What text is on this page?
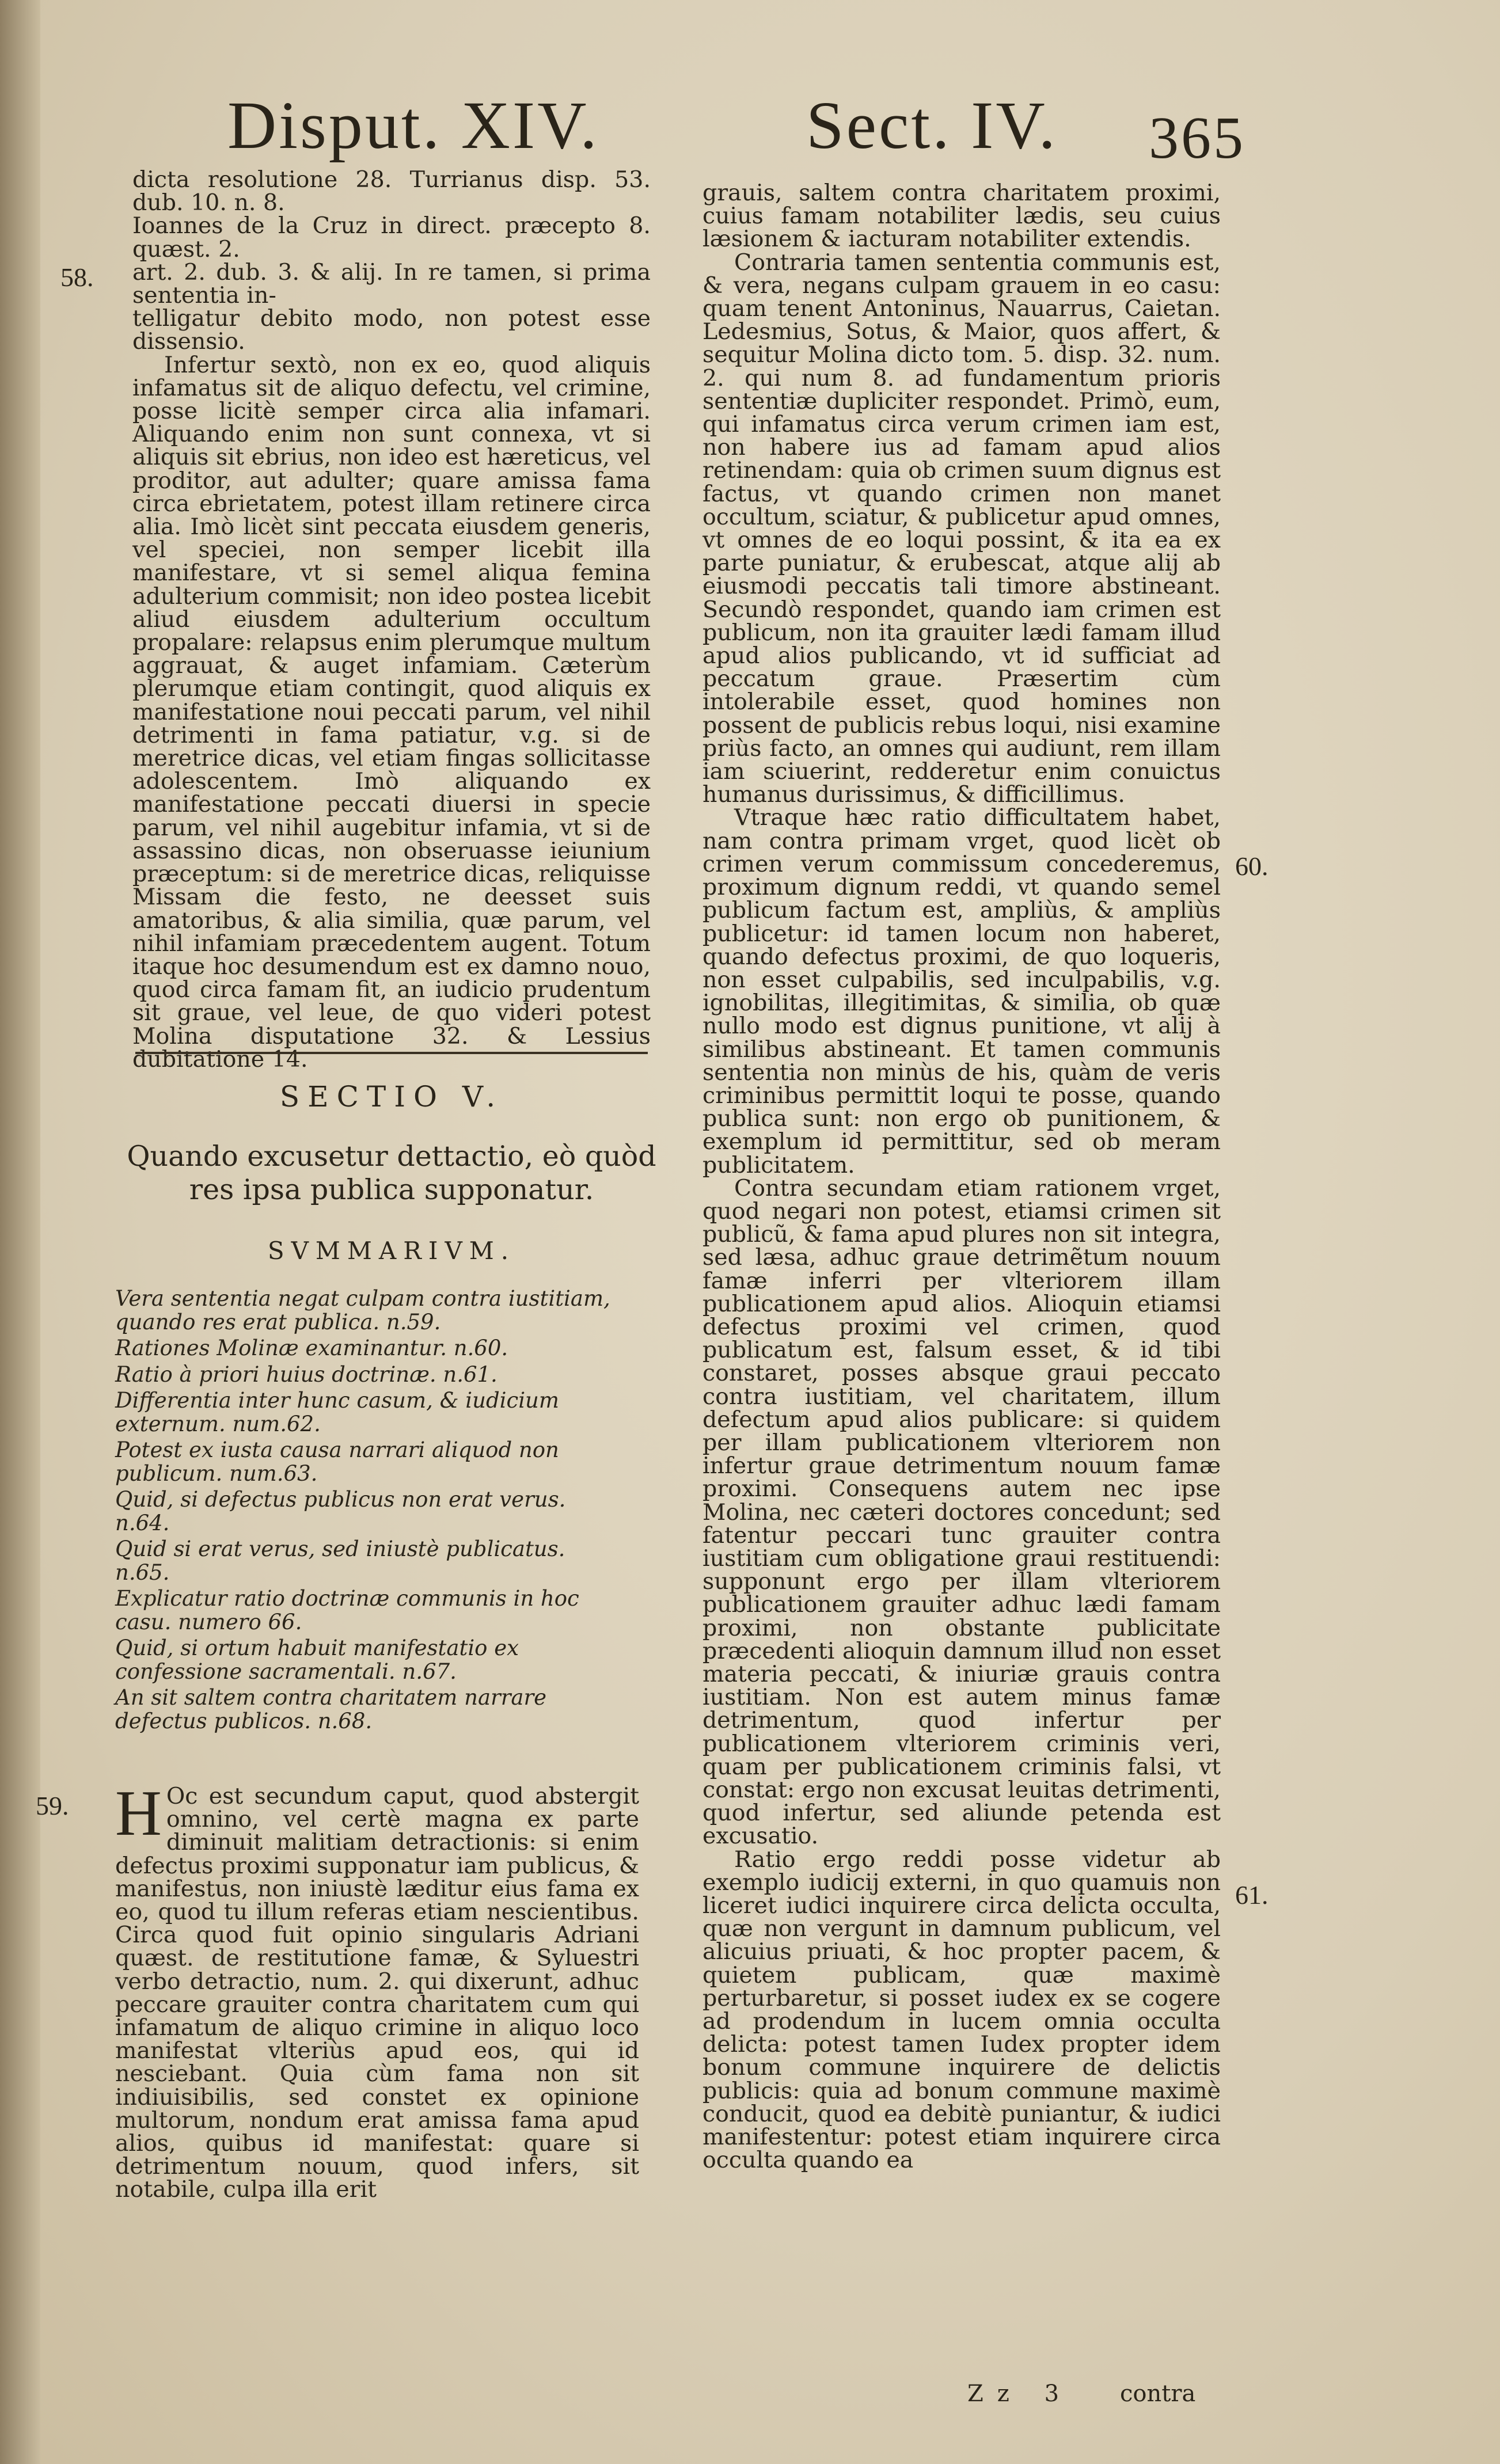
Disput. XIV.	Sect. IV. 365

dicta resolutione 28. Turrianus disp. 53. dub. 10. n. 8.

Ioannes de la Cruz in direct. præcepto 8. quæst. 2.

art. 2. dub. 3. & alij. In re tamen, si prima sententia in-

telligatur debito modo, non potest esse dissensio.

Infertur sextò, non ex eo, quod aliquis infamatus sit de aliquo defectu, vel crimine, posse licitè semper circa alia infamari. Aliquando enim non sunt connexa, vt si aliquis sit ebrius, non ideo est hæreticus, vel proditor, aut adulter; quare amissa fama circa ebrietatem, potest illam retinere circa alia. Imò licèt sint peccata eiusdem generis, vel speciei, non semper licebit illa manifestare, vt si semel aliqua femina adulterium commisit; non ideo postea licebit aliud eiusdem adulterium occultum propalare: relapsus enim plerumque multum aggrauat, & auget infamiam. Cæterùm plerumque etiam contingit, quod aliquis ex manifestatione noui peccati parum, vel nihil detrimenti in fama patiatur, v.g. si de meretrice dicas, vel etiam fingas sollicitasse adolescentem. Imò aliquando ex manifestatione peccati diuersi in specie parum, vel nihil augebitur infamia, vt si de assassino dicas, non obseruasse ieiunium præceptum: si de meretrice dicas, reliquisse Missam die festo, ne deesset suis amatoribus, & alia similia, quæ parum, vel nihil infamiam præcedentem augent. Totum itaque hoc desumendum est ex damno nouo, quod circa famam fit, an iudicio prudentum sit graue, vel leue, de quo videri potest Molina disputatione 32. & Lessius dubitatione 14.

58.
SECTIO V.
Quando excusetur dettactio, eò quòd res ipsa publica supponatur.
SVMMARIVM.
Vera sententia negat culpam contra iustitiam, quando res erat publica. n.59.
Rationes Molinæ examinantur. n.60.
Ratio à priori huius doctrinæ. n.61.
Differentia inter hunc casum, & iudicium externum. num.62.
Potest ex iusta causa narrari aliquod non publicum. num.63.
Quid, si defectus publicus non erat verus. n.64.
Quid si erat verus, sed iniustè publicatus. n.65.
Explicatur ratio doctrinæ communis in hoc casu. numero 66.
Quid, si ortum habuit manifestatio ex confessione sacramentali. n.67.
An sit saltem contra charitatem narrare defectus publicos. n.68.
59. H Oc est secundum caput, quod abstergit omnino, vel certè magna ex parte diminuit malitiam detractionis: si enim defectus proximi supponatur iam publicus, & manifestus, non iniustè læditur eius fama ex eo, quod tu illum referas etiam nescientibus. Circa quod fuit opinio singularis Adriani quæst. de restitutione famæ, & Syluestri verbo detractio, num. 2. qui dixerunt, adhuc peccare grauiter contra charitatem cum qui infamatum de aliquo crimine in aliquo loco manifestat vlteriùs apud eos, qui id nesciebant. Quia cùm fama non sit indiuisibilis, sed constet ex opinione multorum, nondum erat amissa fama apud alios, quibus id manifestat: quare si detrimentum nouum, quod infers, sit notabile, culpa illa erit

grauis, saltem contra charitatem proximi, cuius famam notabiliter lædis, seu cuius læsionem & iacturam notabiliter extendis.

Contraria tamen sententia communis est, & vera, negans culpam grauem in eo casu: quam tenent Antoninus, Nauarrus, Caietan. Ledesmius, Sotus, & Maior, quos affert, & sequitur Molina dicto tom. 5. disp. 32. num. 2. qui num 8. ad fundamentum prioris sententiæ dupliciter respondet. Primò, eum, qui infamatus circa verum crimen iam est, non habere ius ad famam apud alios retinendam: quia ob crimen suum dignus est factus, vt quando crimen non manet occultum, sciatur, & publicetur apud omnes, vt omnes de eo loqui possint, & ita ea ex parte puniatur, & erubescat, atque alij ab eiusmodi peccatis tali timore abstineant. Secundò respondet, quando iam crimen est publicum, non ita grauiter lædi famam illud apud alios publicando, vt id sufficiat ad peccatum graue. Præsertim cùm intolerabile esset, quod homines non possent de publicis rebus loqui, nisi examine priùs facto, an omnes qui audiunt, rem illam iam sciuerint, redderetur enim conuictus humanus durissimus, & difficillimus.

Vtraque hæc ratio difficultatem habet, nam contra primam vrget, quod licèt ob crimen verum commissum concederemus, proximum dignum reddi, vt quando semel publicum factum est, ampliùs, & ampliùs publicetur: id tamen locum non haberet, quando defectus proximi, de quo loqueris, non esset culpabilis, sed inculpabilis, v.g. ignobilitas, illegitimitas, & similia, ob quæ nullo modo est dignus punitione, vt alij à similibus abstineant. Et tamen communis sententia non minùs de his, quàm de veris criminibus permittit loqui te posse, quando publica sunt: non ergo ob punitionem, & exemplum id permittitur, sed ob meram publicitatem.

Contra secundam etiam rationem vrget, quod negari non potest, etiamsi crimen sit publicũ, & fama apud plures non sit integra, sed læsa, adhuc graue detrimẽtum nouum famæ inferri per vlteriorem illam publicationem apud alios. Alioquin etiamsi defectus proximi vel crimen, quod publicatum est, falsum esset, & id tibi constaret, posses absque graui peccato contra iustitiam, vel charitatem, illum defectum apud alios publicare: si quidem per illam publicationem vlteriorem non infertur graue detrimentum nouum famæ proximi. Consequens autem nec ipse Molina, nec cæteri doctores concedunt; sed fatentur peccari tunc grauiter contra iustitiam cum obligatione graui restituendi: supponunt ergo per illam vlteriorem publicationem grauiter adhuc lædi famam proximi, non obstante publicitate præcedenti alioquin damnum illud non esset materia peccati, & iniuriæ grauis contra iustitiam. Non est autem minus famæ detrimentum, quod infertur per publicationem vlteriorem criminis veri, quam per publicationem criminis falsi, vt constat: ergo non excusat leuitas detrimenti, quod infertur, sed aliunde petenda est excusatio.

Ratio ergo reddi posse videtur ab exemplo iudicij externi, in quo quamuis non liceret iudici inquirere circa delicta occulta, quæ non vergunt in damnum publicum, vel alicuius priuati, & hoc propter pacem, & quietem publicam, quæ maximè perturbaretur, si posset iudex ex se cogere ad prodendum in lucem omnia occulta delicta: potest tamen Iudex propter idem bonum commune inquirere de delictis publicis: quia ad bonum commune maximè conducit, quod ea debitè puniantur, & iudici manifestentur: potest etiam inquirere circa occulta quando ea

60.
61.
Zz 3 contra
